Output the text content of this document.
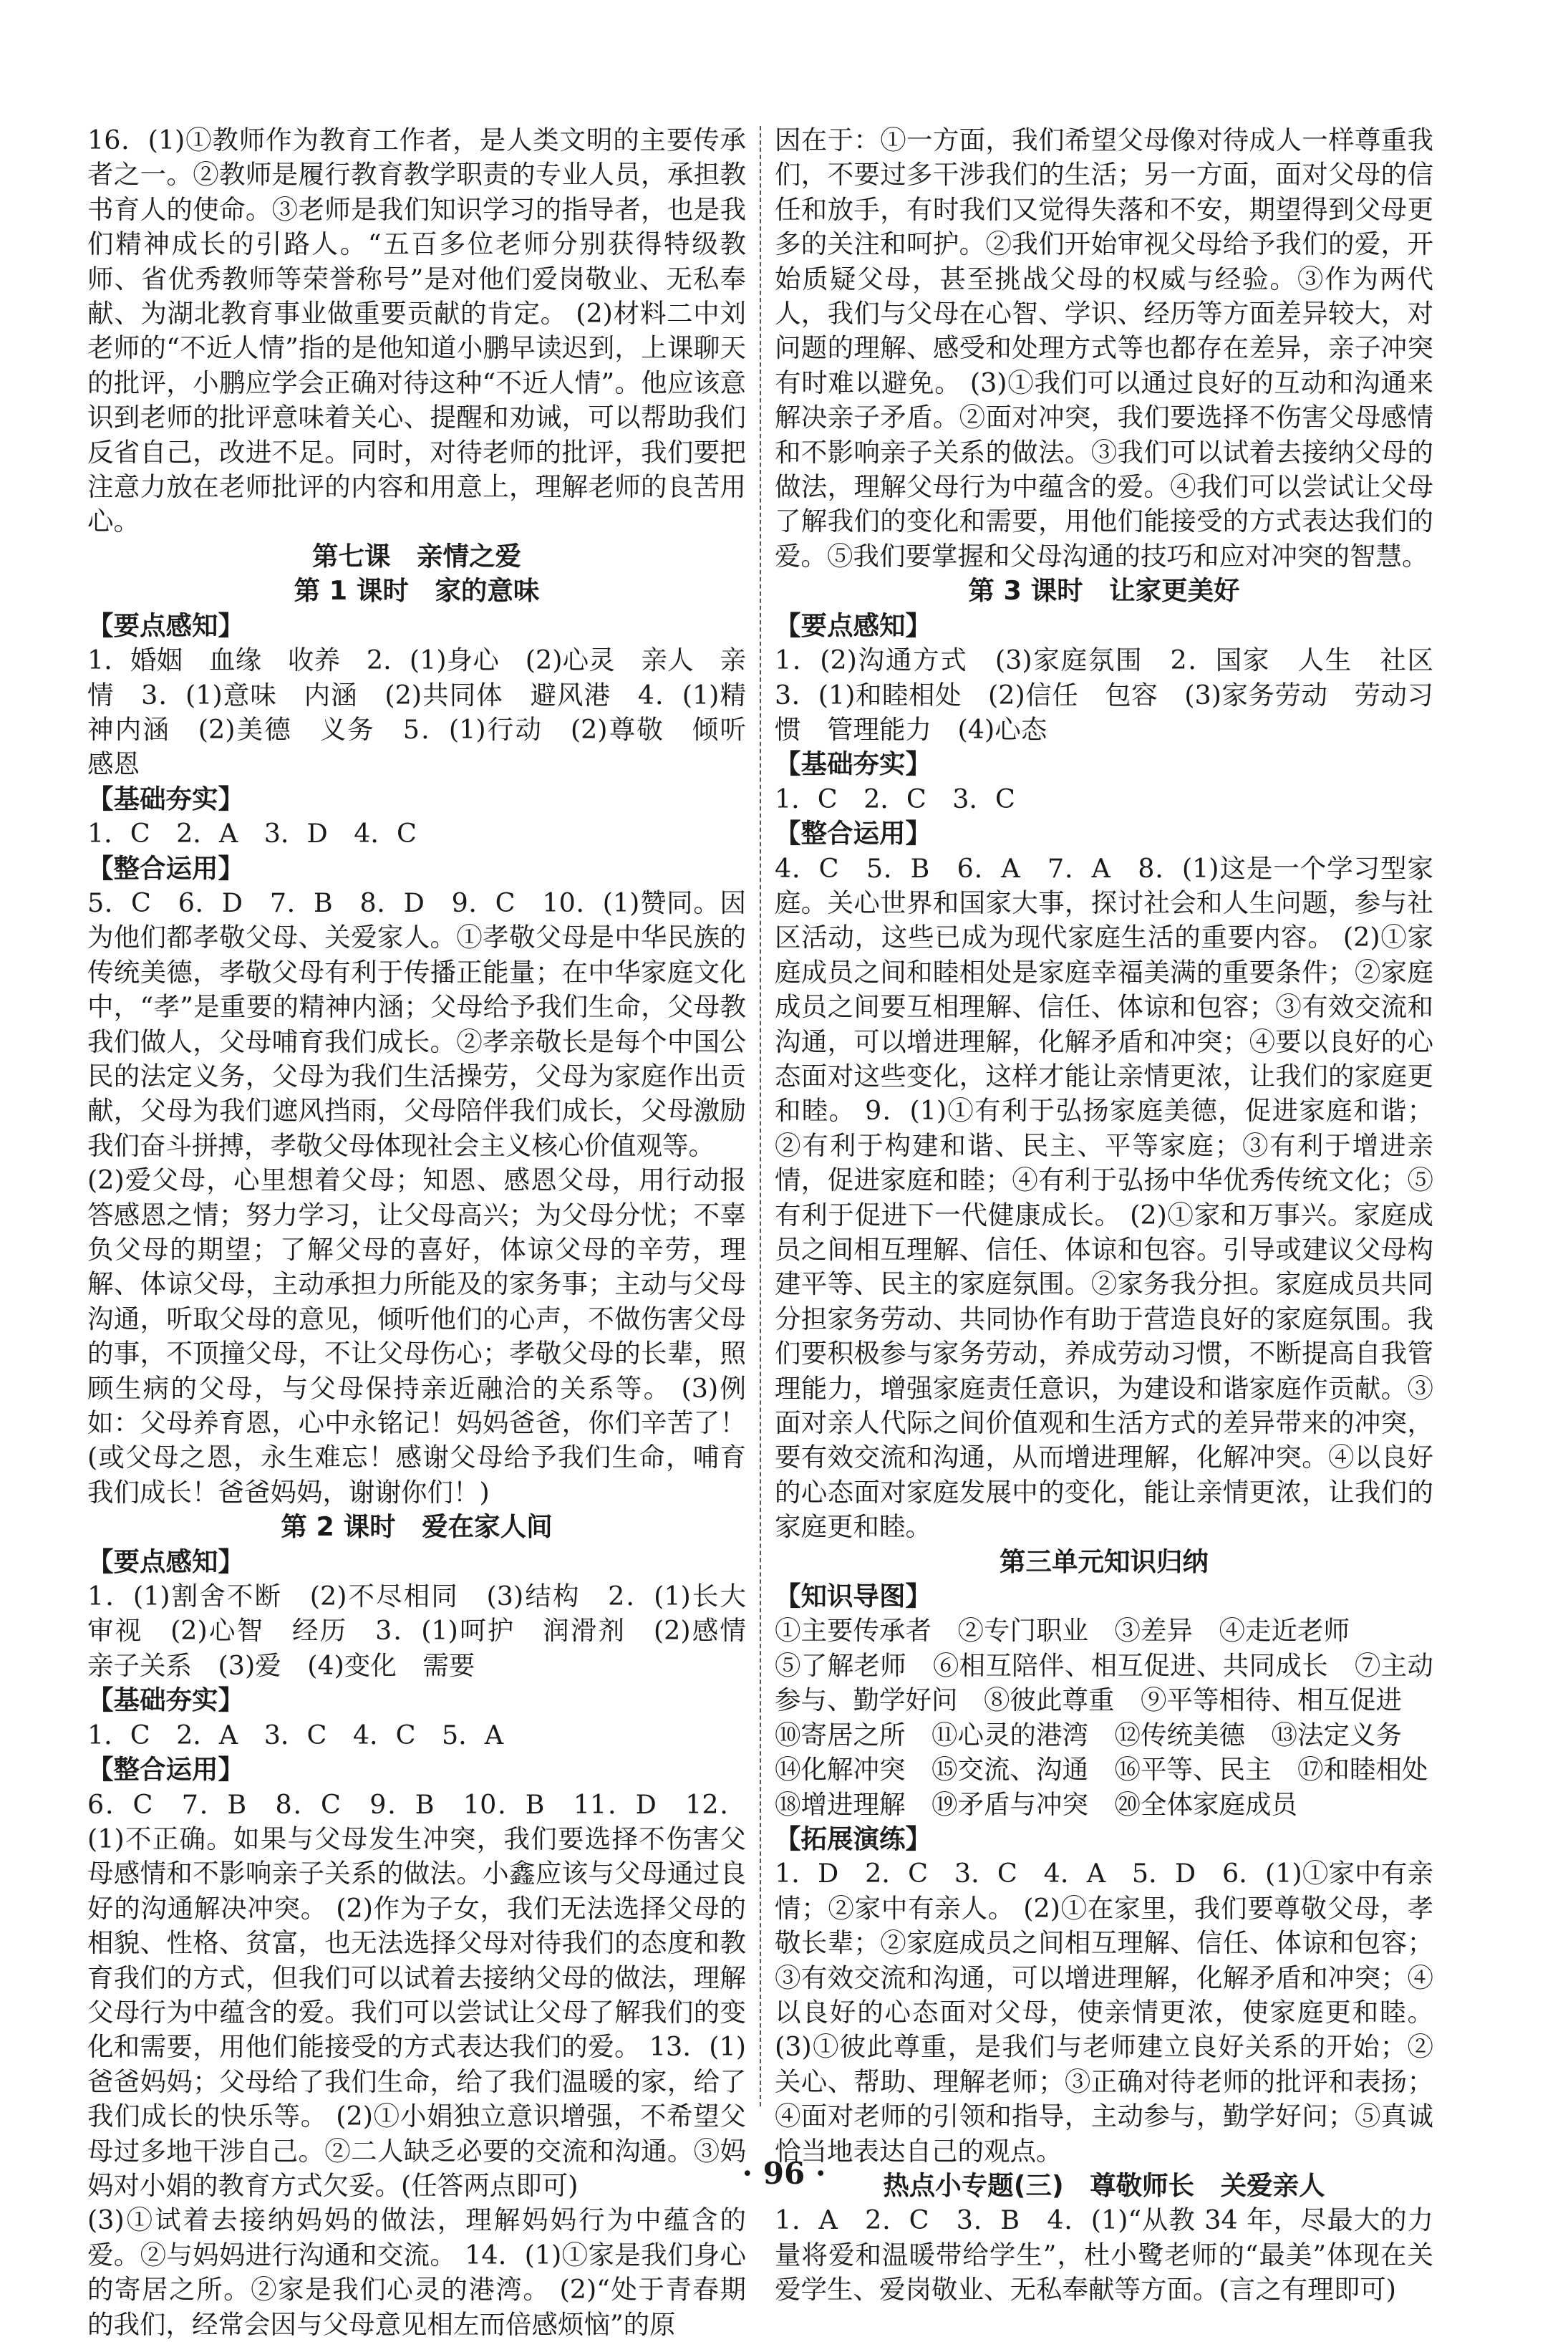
16．(1)①教师作为教育工作者，是人类文明的主要传承者之一。②教师是履行教育教学职责的专业人员，承担教书育人的使命。③老师是我们知识学习的指导者，也是我们精神成长的引路人。“五百多位老师分别获得特级教师、省优秀教师等荣誉称号”是对他们爱岗敬业、无私奉献、为湖北教育事业做重要贡献的肯定。 (2)材料二中刘老师的“不近人情”指的是他知道小鹏早读迟到，上课聊天的批评，小鹏应学会正确对待这种“不近人情”。他应该意识到老师的批评意味着关心、提醒和劝诫，可以帮助我们反省自己，改进不足。同时，对待老师的批评，我们要把注意力放在老师批评的内容和用意上，理解老师的良苦用心。

第七课　亲情之爱

第 1 课时　家的意味

【要点感知】

1．婚姻　血缘　收养　2．(1)身心　(2)心灵　亲人　亲情　3．(1)意味　内涵　(2)共同体　避风港　4．(1)精神内涵　(2)美德　义务　5．(1)行动　(2)尊敬　倾听　感恩

【基础夯实】

1．C　2．A　3．D　4．C

【整合运用】

5．C　6．D　7．B　8．D　9．C　10．(1)赞同。因为他们都孝敬父母、关爱家人。①孝敬父母是中华民族的传统美德，孝敬父母有利于传播正能量；在中华家庭文化中，“孝”是重要的精神内涵；父母给予我们生命，父母教我们做人，父母哺育我们成长。②孝亲敬长是每个中国公民的法定义务，父母为我们生活操劳，父母为家庭作出贡献，父母为我们遮风挡雨，父母陪伴我们成长，父母激励我们奋斗拼搏，孝敬父母体现社会主义核心价值观等。

(2)爱父母，心里想着父母；知恩、感恩父母，用行动报答感恩之情；努力学习，让父母高兴；为父母分忧；不辜负父母的期望；了解父母的喜好，体谅父母的辛劳，理解、体谅父母，主动承担力所能及的家务事；主动与父母沟通，听取父母的意见，倾听他们的心声，不做伤害父母的事，不顶撞父母，不让父母伤心；孝敬父母的长辈，照顾生病的父母，与父母保持亲近融洽的关系等。 (3)例如：父母养育恩，心中永铭记！妈妈爸爸，你们辛苦了！(或父母之恩，永生难忘！感谢父母给予我们生命，哺育我们成长！爸爸妈妈，谢谢你们！)

第 2 课时　爱在家人间

【要点感知】

1．(1)割舍不断　(2)不尽相同　(3)结构　2．(1)长大　审视　(2)心智　经历　3．(1)呵护　润滑剂　(2)感情　亲子关系　(3)爱　(4)变化　需要

【基础夯实】

1．C　2．A　3．C　4．C　5．A

【整合运用】

6．C　7．B　8．C　9．B　10．B　11．D　12．(1)不正确。如果与父母发生冲突，我们要选择不伤害父母感情和不影响亲子关系的做法。小鑫应该与父母通过良好的沟通解决冲突。 (2)作为子女，我们无法选择父母的相貌、性格、贫富，也无法选择父母对待我们的态度和教育我们的方式，但我们可以试着去接纳父母的做法，理解父母行为中蕴含的爱。我们可以尝试让父母了解我们的变化和需要，用他们能接受的方式表达我们的爱。 13．(1)爸爸妈妈；父母给了我们生命，给了我们温暖的家，给了我们成长的快乐等。 (2)①小娟独立意识增强，不希望父母过多地干涉自己。②二人缺乏必要的交流和沟通。③妈妈对小娟的教育方式欠妥。(任答两点即可)

(3)①试着去接纳妈妈的做法，理解妈妈行为中蕴含的爱。②与妈妈进行沟通和交流。 14．(1)①家是我们身心的寄居之所。②家是我们心灵的港湾。 (2)“处于青春期的我们，经常会因与父母意见相左而倍感烦恼”的原

因在于：①一方面，我们希望父母像对待成人一样尊重我们，不要过多干涉我们的生活；另一方面，面对父母的信任和放手，有时我们又觉得失落和不安，期望得到父母更多的关注和呵护。②我们开始审视父母给予我们的爱，开始质疑父母，甚至挑战父母的权威与经验。③作为两代人，我们与父母在心智、学识、经历等方面差异较大，对问题的理解、感受和处理方式等也都存在差异，亲子冲突有时难以避免。 (3)①我们可以通过良好的互动和沟通来解决亲子矛盾。②面对冲突，我们要选择不伤害父母感情和不影响亲子关系的做法。③我们可以试着去接纳父母的做法，理解父母行为中蕴含的爱。④我们可以尝试让父母了解我们的变化和需要，用他们能接受的方式表达我们的爱。⑤我们要掌握和父母沟通的技巧和应对冲突的智慧。

第 3 课时　让家更美好

【要点感知】

1．(2)沟通方式　(3)家庭氛围　2．国家　人生　社区　3．(1)和睦相处　(2)信任　包容　(3)家务劳动　劳动习惯　管理能力　(4)心态

【基础夯实】

1．C　2．C　3．C

【整合运用】

4．C　5．B　6．A　7．A　8．(1)这是一个学习型家庭。关心世界和国家大事，探讨社会和人生问题，参与社区活动，这些已成为现代家庭生活的重要内容。 (2)①家庭成员之间和睦相处是家庭幸福美满的重要条件；②家庭成员之间要互相理解、信任、体谅和包容；③有效交流和沟通，可以增进理解，化解矛盾和冲突；④要以良好的心态面对这些变化，这样才能让亲情更浓，让我们的家庭更和睦。 9．(1)①有利于弘扬家庭美德，促进家庭和谐；②有利于构建和谐、民主、平等家庭；③有利于增进亲情，促进家庭和睦；④有利于弘扬中华优秀传统文化；⑤有利于促进下一代健康成长。 (2)①家和万事兴。家庭成员之间相互理解、信任、体谅和包容。引导或建议父母构建平等、民主的家庭氛围。②家务我分担。家庭成员共同分担家务劳动、共同协作有助于营造良好的家庭氛围。我们要积极参与家务劳动，养成劳动习惯，不断提高自我管理能力，增强家庭责任意识，为建设和谐家庭作贡献。③面对亲人代际之间价值观和生活方式的差异带来的冲突，要有效交流和沟通，从而增进理解，化解冲突。④以良好的心态面对家庭发展中的变化，能让亲情更浓，让我们的家庭更和睦。

第三单元知识归纳

【知识导图】

①主要传承者　②专门职业　③差异　④走近老师

⑤了解老师　⑥相互陪伴、相互促进、共同成长　⑦主动参与、勤学好问　⑧彼此尊重　⑨平等相待、相互促进

⑩寄居之所　⑪心灵的港湾　⑫传统美德　⑬法定义务

⑭化解冲突　⑮交流、沟通　⑯平等、民主　⑰和睦相处

⑱增进理解　⑲矛盾与冲突　⑳全体家庭成员

【拓展演练】

1．D　2．C　3．C　4．A　5．D　6．(1)①家中有亲情；②家中有亲人。 (2)①在家里，我们要尊敬父母，孝敬长辈；②家庭成员之间相互理解、信任、体谅和包容；③有效交流和沟通，可以增进理解，化解矛盾和冲突；④以良好的心态面对父母，使亲情更浓，使家庭更和睦。 (3)①彼此尊重，是我们与老师建立良好关系的开始；②关心、帮助、理解老师；③正确对待老师的批评和表扬；④面对老师的引领和指导，主动参与，勤学好问；⑤真诚恰当地表达自己的观点。

热点小专题(三)　尊敬师长　关爱亲人

1．A　2．C　3．B　4．(1)“从教 34 年，尽最大的力量将爱和温暖带给学生”，杜小鹭老师的“最美”体现在关爱学生、爱岗敬业、无私奉献等方面。(言之有理即可)

· 96 ·
